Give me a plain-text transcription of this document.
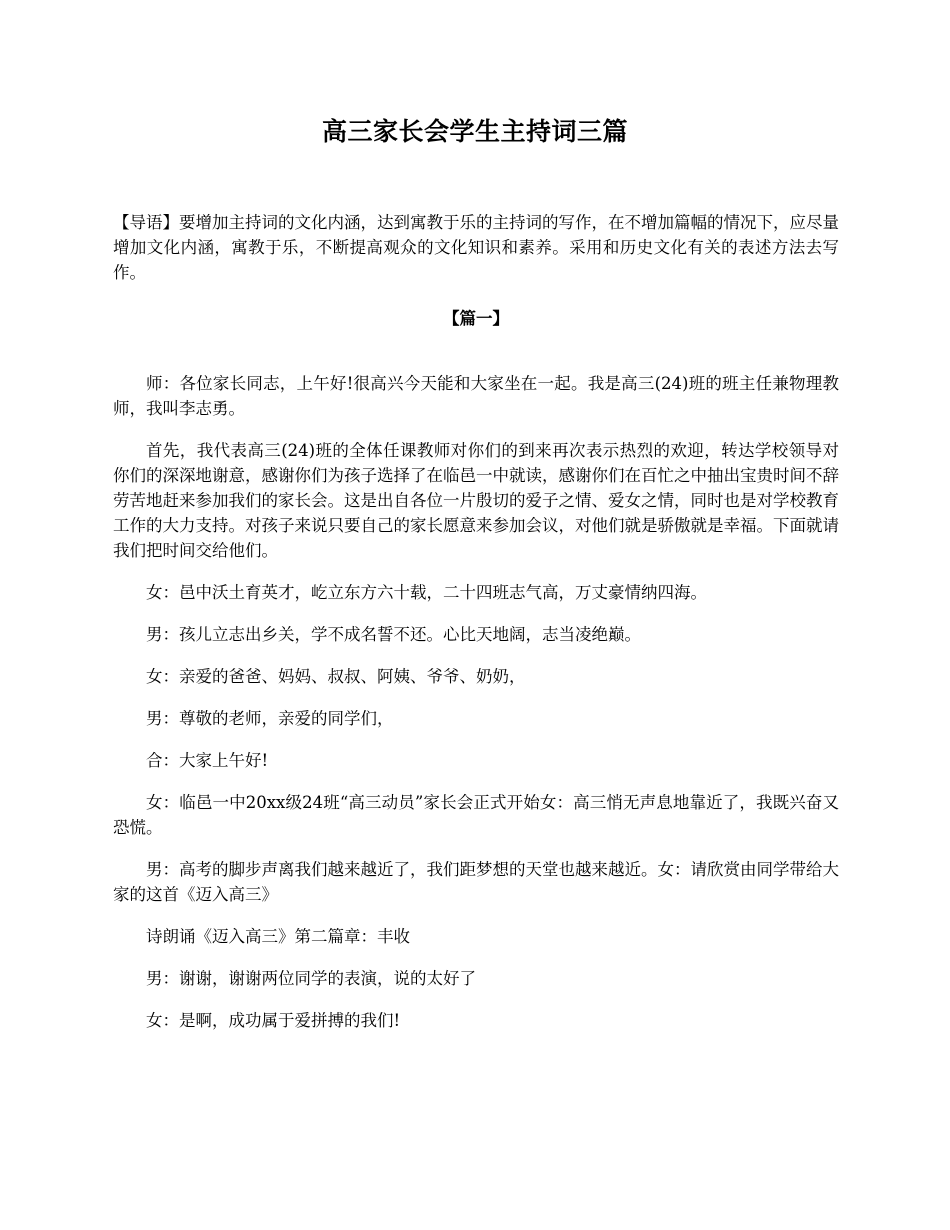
高三家长会学生主持词三篇

【导语】要增加主持词的文化内涵，达到寓教于乐的主持词的写作，在不增加篇幅的情况下，应尽量增加文化内涵，寓教于乐，不断提高观众的文化知识和素养。采用和历史文化有关的表述方法去写作。

【篇一】

师：各位家长同志，上午好!很高兴今天能和大家坐在一起。我是高三(24)班的班主任兼物理教师，我叫李志勇。

首先，我代表高三(24)班的全体任课教师对你们的到来再次表示热烈的欢迎，转达学校领导对你们的深深地谢意，感谢你们为孩子选择了在临邑一中就读，感谢你们在百忙之中抽出宝贵时间不辞劳苦地赶来参加我们的家长会。这是出自各位一片殷切的爱子之情、爱女之情，同时也是对学校教育工作的大力支持。对孩子来说只要自己的家长愿意来参加会议，对他们就是骄傲就是幸福。下面就请我们把时间交给他们。

女：邑中沃土育英才，屹立东方六十载，二十四班志气高，万丈豪情纳四海。

男：孩儿立志出乡关，学不成名誓不还。心比天地阔，志当凌绝巅。

女：亲爱的爸爸、妈妈、叔叔、阿姨、爷爷、奶奶，

男：尊敬的老师，亲爱的同学们，

合：大家上午好!

女：临邑一中20xx级24班“高三动员”家长会正式开始女：高三悄无声息地靠近了，我既兴奋又恐慌。

男：高考的脚步声离我们越来越近了，我们距梦想的天堂也越来越近。女：请欣赏由同学带给大家的这首《迈入高三》

诗朗诵《迈入高三》第二篇章：丰收

男：谢谢，谢谢两位同学的表演，说的太好了

女：是啊，成功属于爱拼搏的我们!
